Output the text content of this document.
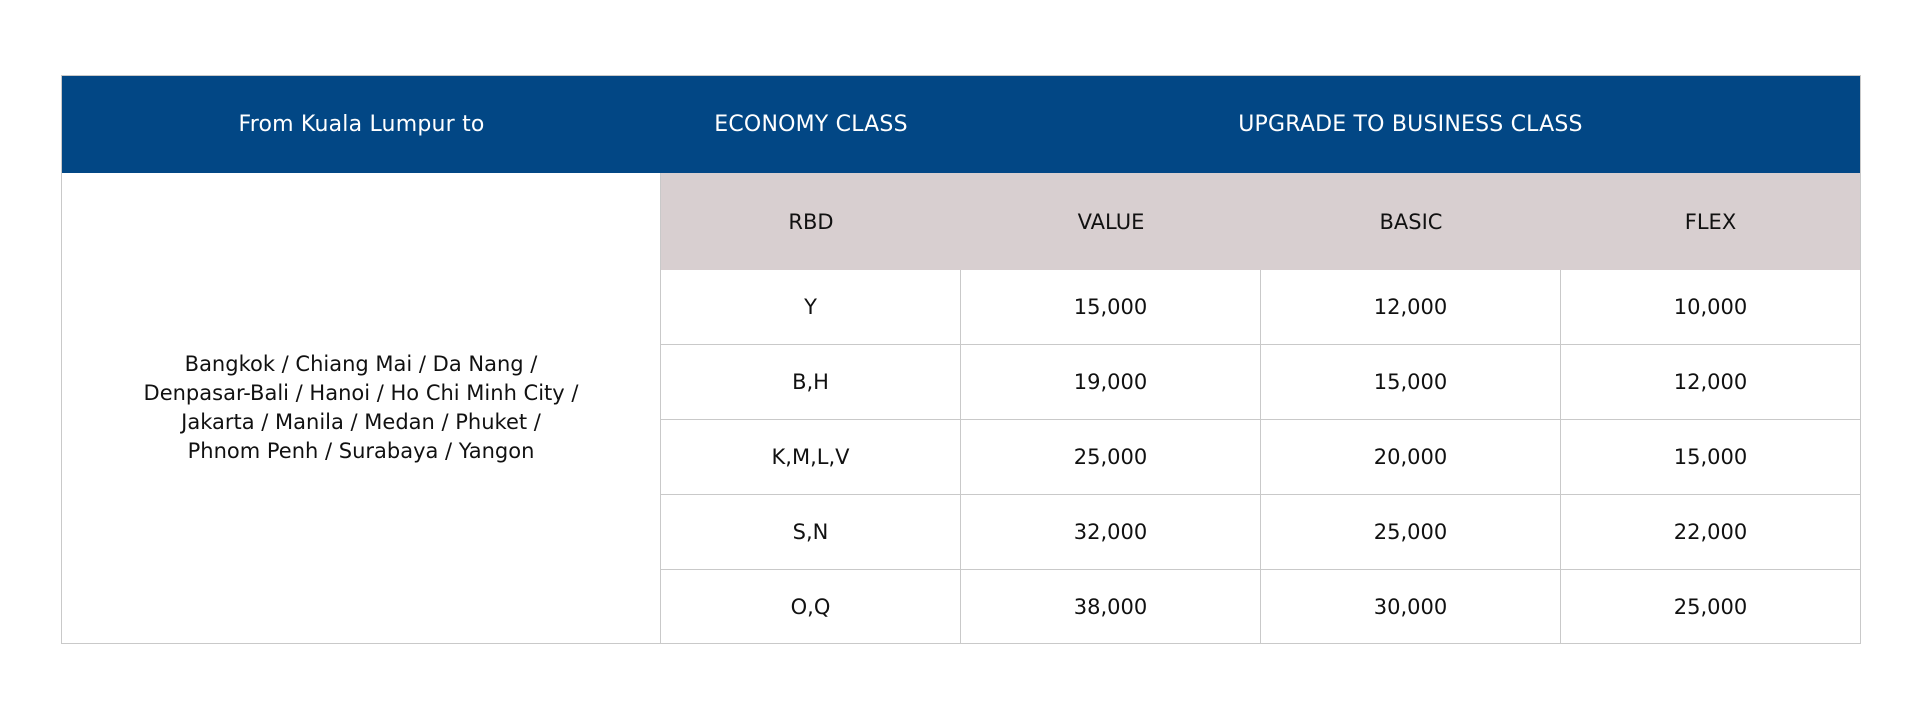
From Kuala Lumpur to	ECONOMY CLASS	UPGRADE TO BUSINESS CLASS
Bangkok / Chiang Mai / Da Nang /
Denpasar-Bali / Hanoi / Ho Chi Minh City /
Jakarta / Manila / Medan / Phuket /
Phnom Penh / Surabaya / Yangon
RBD	VALUE	BASIC	FLEX
Y	15,000	12,000	10,000
B,H	19,000	15,000	12,000
K,M,L,V	25,000	20,000	15,000
S,N	32,000	25,000	22,000
O,Q	38,000	30,000	25,000
